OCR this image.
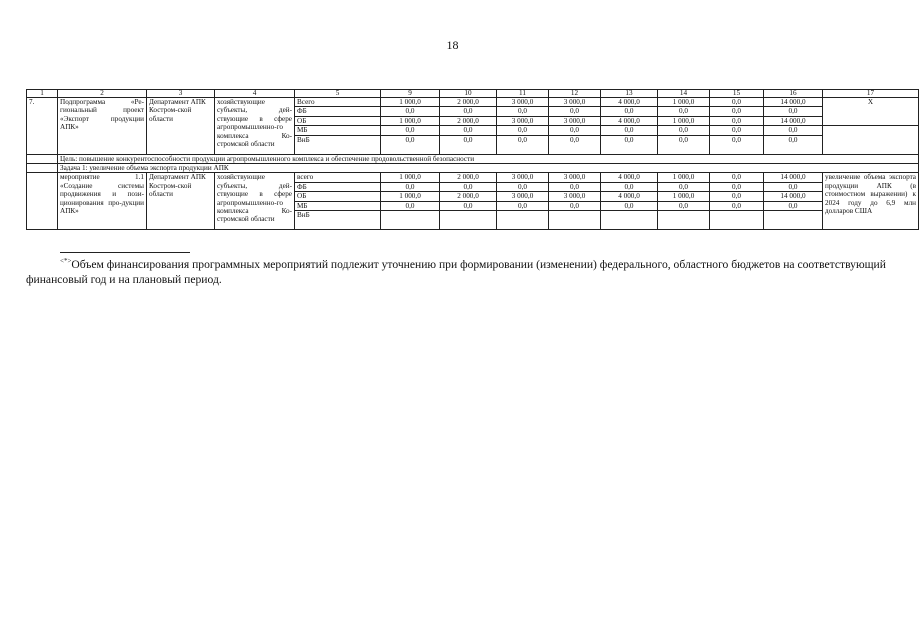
18
1	2	3	4	5	9	10	11	12	13	14	15	16	17
7.	Подпрограмма «Ре-гиональный проект «Экспорт продукции АПК»	Департамент АПК Костром-ской области	хозяйствующие субъекты, дей-ствующие в сфере агропромышленно-го комплекса Ко-стромской области	Всего	1 000,0	2 000,0	3 000,0	3 000,0	4 000,0	1 000,0	0,0	14 000,0	Х
				ФБ	0,0	0,0	0,0	0,0	0,0	0,0	0,0	0,0	
				ОБ	1 000,0	2 000,0	3 000,0	3 000,0	4 000,0	1 000,0	0,0	14 000,0	
				МБ	0,0	0,0	0,0	0,0	0,0	0,0	0,0	0,0	
				ВнБ	0,0	0,0	0,0	0,0	0,0	0,0	0,0	0,0	
	Цель: повышение конкурентоспособности продукции агропромышленного комплекса и обеспечение продовольственной безопасности												
	Задача 1: увеличение объема экспорта продукции АПК												
	мероприятие 1.1 «Создание системы продвижения и пози-ционирования про-дукции АПК»	Департамент АПК Костром-ской области	хозяйствующие субъекты, дей-ствующие в сфере агропромышленно-го комплекса Ко-стромской области	всего	1 000,0	2 000,0	3 000,0	3 000,0	4 000,0	1 000,0	0,0	14 000,0	увеличение объема экспорта продукции АПК (в стоимостном выражении) к 2024 году до 6,9 млн долларов США
				ФБ	0,0	0,0	0,0	0,0	0,0	0,0	0,0	0,0	
				ОБ	1 000,0	2 000,0	3 000,0	3 000,0	4 000,0	1 000,0	0,0	14 000,0	
				МБ	0,0	0,0	0,0	0,0	0,0	0,0	0,0	0,0	
				ВнБ									
<*>Объем финансирования программных мероприятий подлежит уточнению при формировании (изменении) федерального, областного бюджетов на соответствующий финансовый год и на плановый период.
